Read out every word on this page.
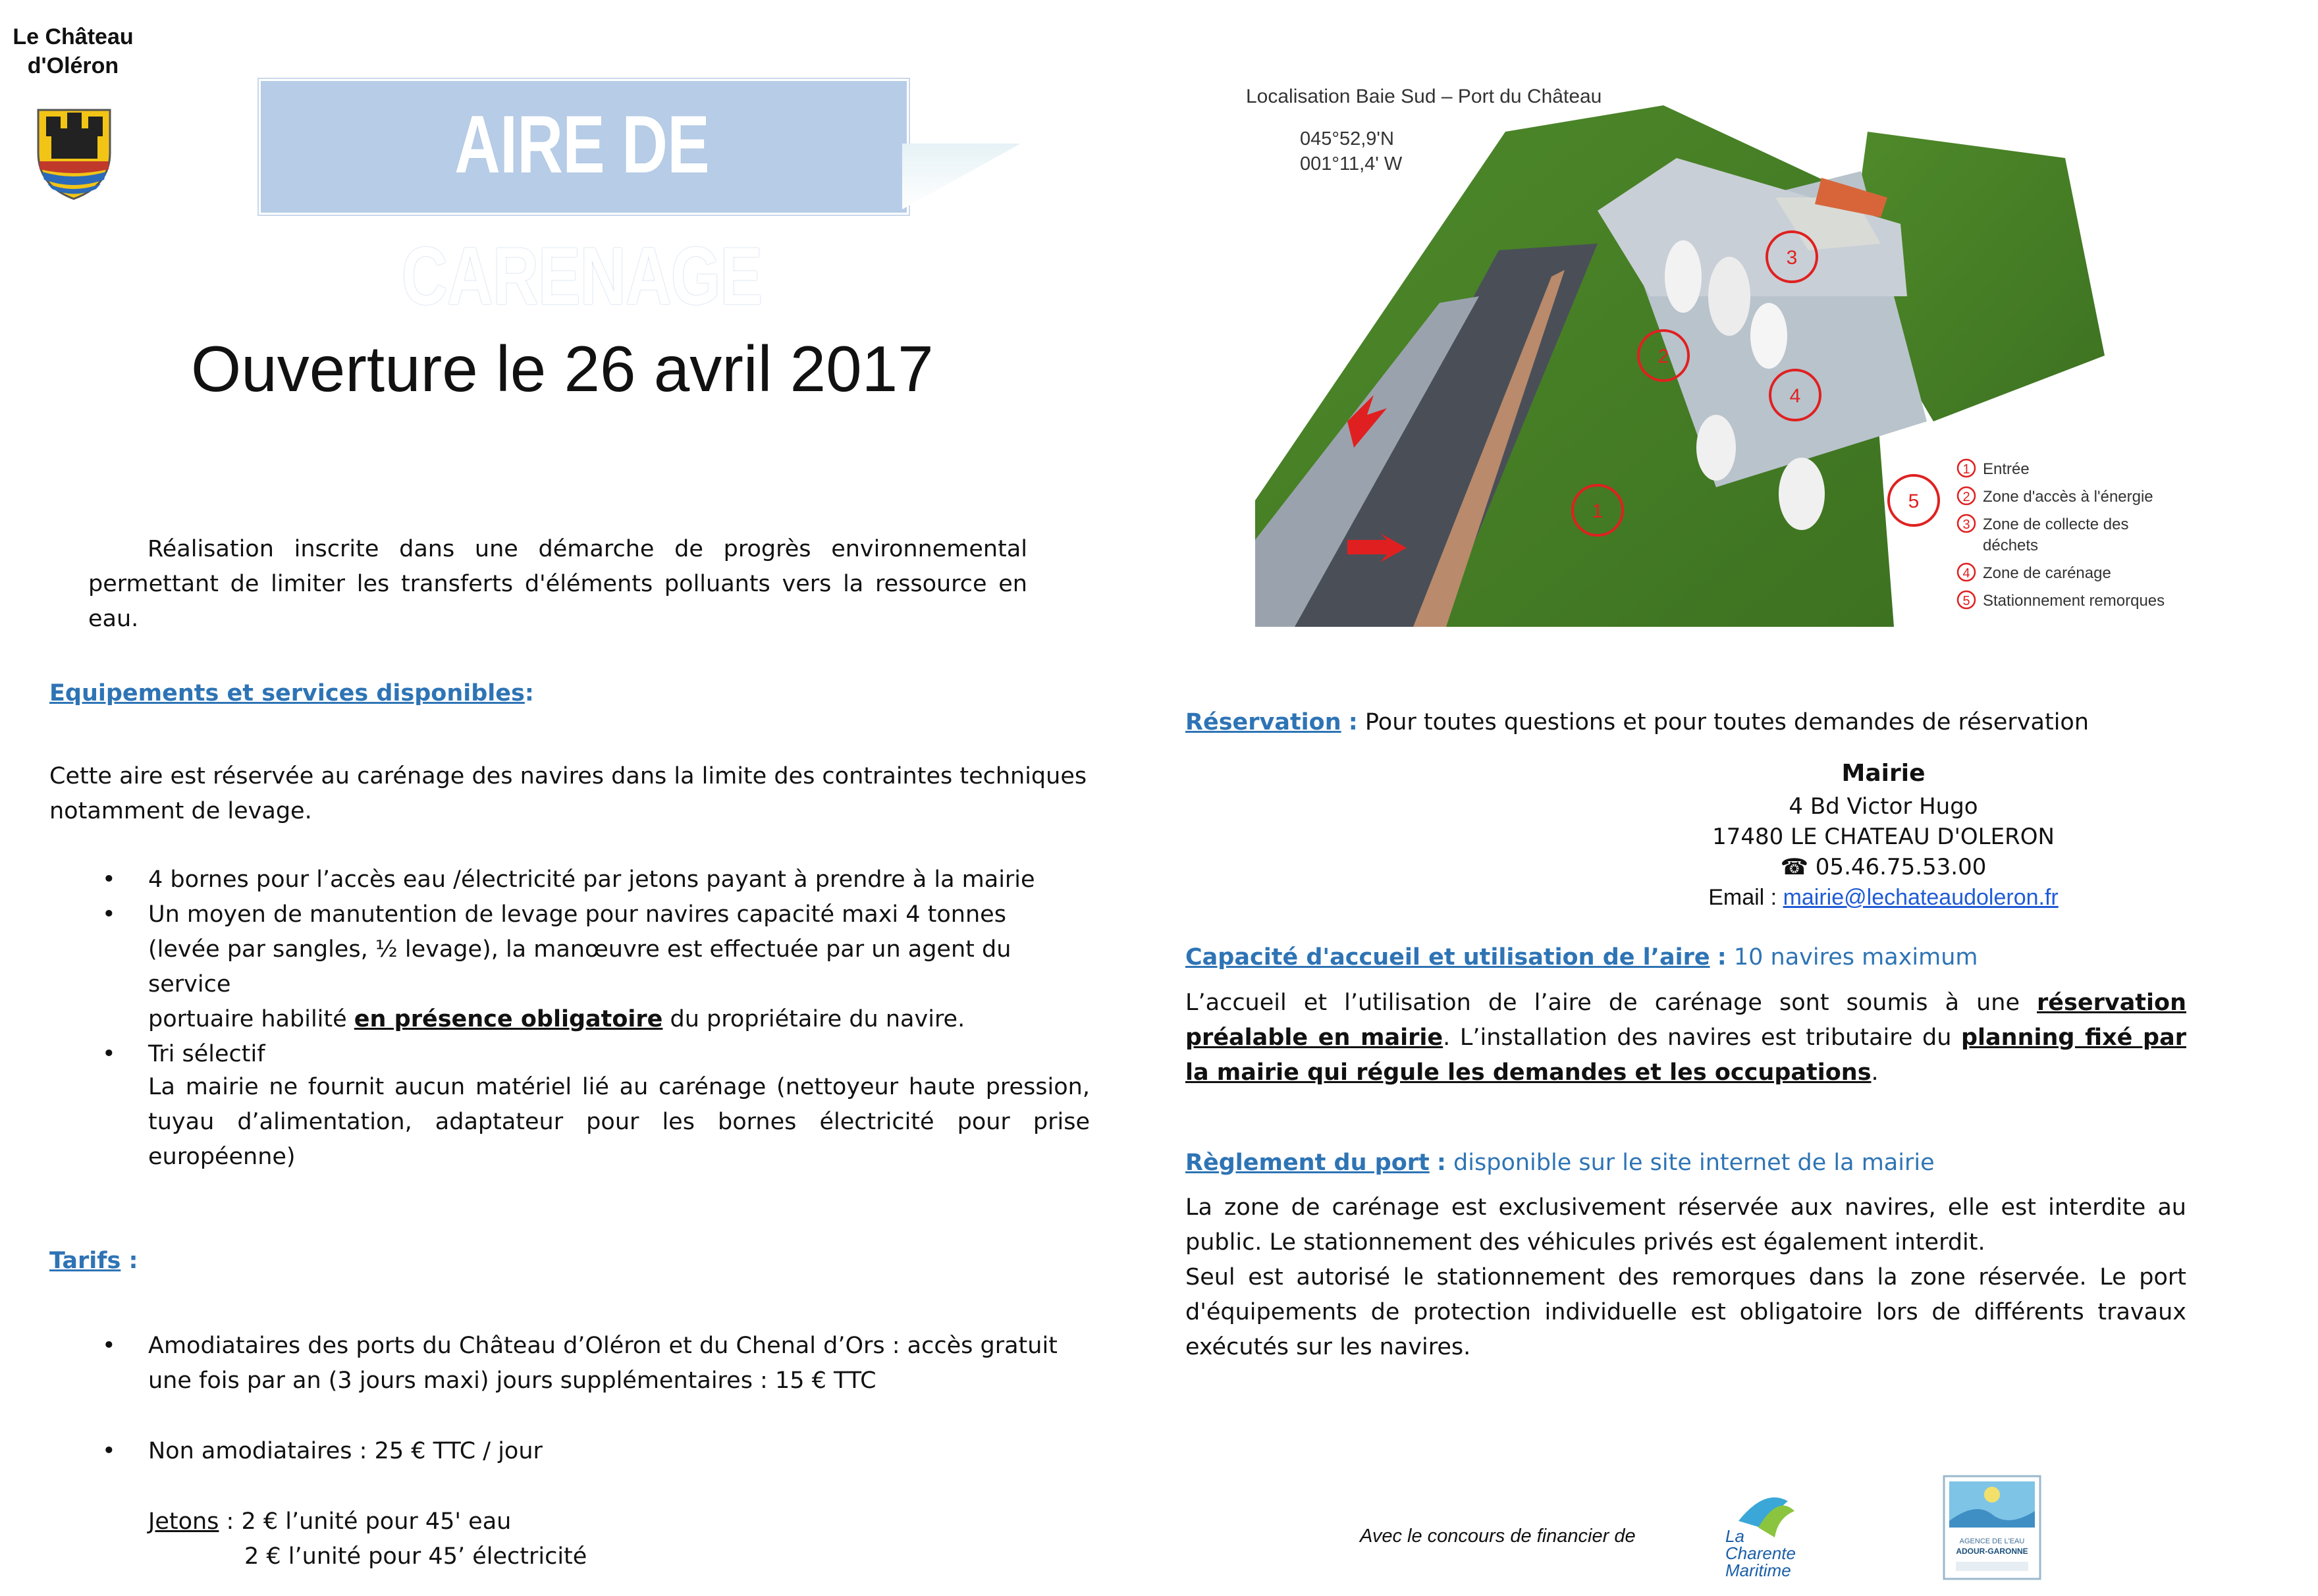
Le Château
d'Oléron
AIRE DE CARENAGE
Ouverture le 26 avril 2017
Réalisation inscrite dans une démarche de progrès environnemental permettant de limiter les transferts d'éléments polluants vers la ressource en eau.
Equipements et services disponibles:
Cette aire est réservée au carénage des navires dans la limite des contraintes techniques notamment de levage.
• 4 bornes pour l’accès eau /électricité par jetons payant à prendre à la mairie
• Un moyen de manutention de levage pour navires capacité maxi 4 tonnes
(levée par sangles, ½ levage), la manœuvre est effectuée par un agent du service
portuaire habilité en présence obligatoire du propriétaire du navire.
• Tri sélectif
La mairie ne fournit aucun matériel lié au carénage (nettoyeur haute pression, tuyau d’alimentation, adaptateur pour les bornes électricité pour prise européenne)
Tarifs :
• Amodiataires des ports du Château d’Oléron et du Chenal d’Ors : accès gratuit
une fois par an (3 jours maxi) jours supplémentaires : 15 € TTC
• Non amodiataires : 25 € TTC / jour
Jetons : 2 € l’unité pour 45' eau
2 € l’unité pour 45’ électricité
Localisation Baie Sud – Port du Château
045°52,9'N
001°11,4' W
1
2
3
4
5
1 Entrée
2 Zone d'accès à l'énergie
3 Zone de collecte des
déchets
4 Zone de carénage
5 Stationnement remorques
Réservation : Pour toutes questions et pour toutes demandes de réservation
Mairie
4 Bd Victor Hugo
17480 LE CHATEAU D'OLERON
☎ 05.46.75.53.00
Email : mairie@lechateaudoleron.fr
Capacité d'accueil et utilisation de l’aire : 10 navires maximum
L’accueil et l’utilisation de l’aire de carénage sont soumis à une réservation préalable en mairie. L’installation des navires est tributaire du planning fixé par la mairie qui régule les demandes et les occupations.
Règlement du port : disponible sur le site internet de la mairie
La zone de carénage est exclusivement réservée aux navires, elle est interdite au public. Le stationnement des véhicules privés est également interdit.
Seul est autorisé le stationnement des remorques dans la zone réservée. Le port d'équipements de protection individuelle est obligatoire lors de différents travaux exécutés sur les navires.
Avec le concours de financier de	La
Charente
Maritime
AGENCE DE L'EAU
ADOUR-GARONNE
